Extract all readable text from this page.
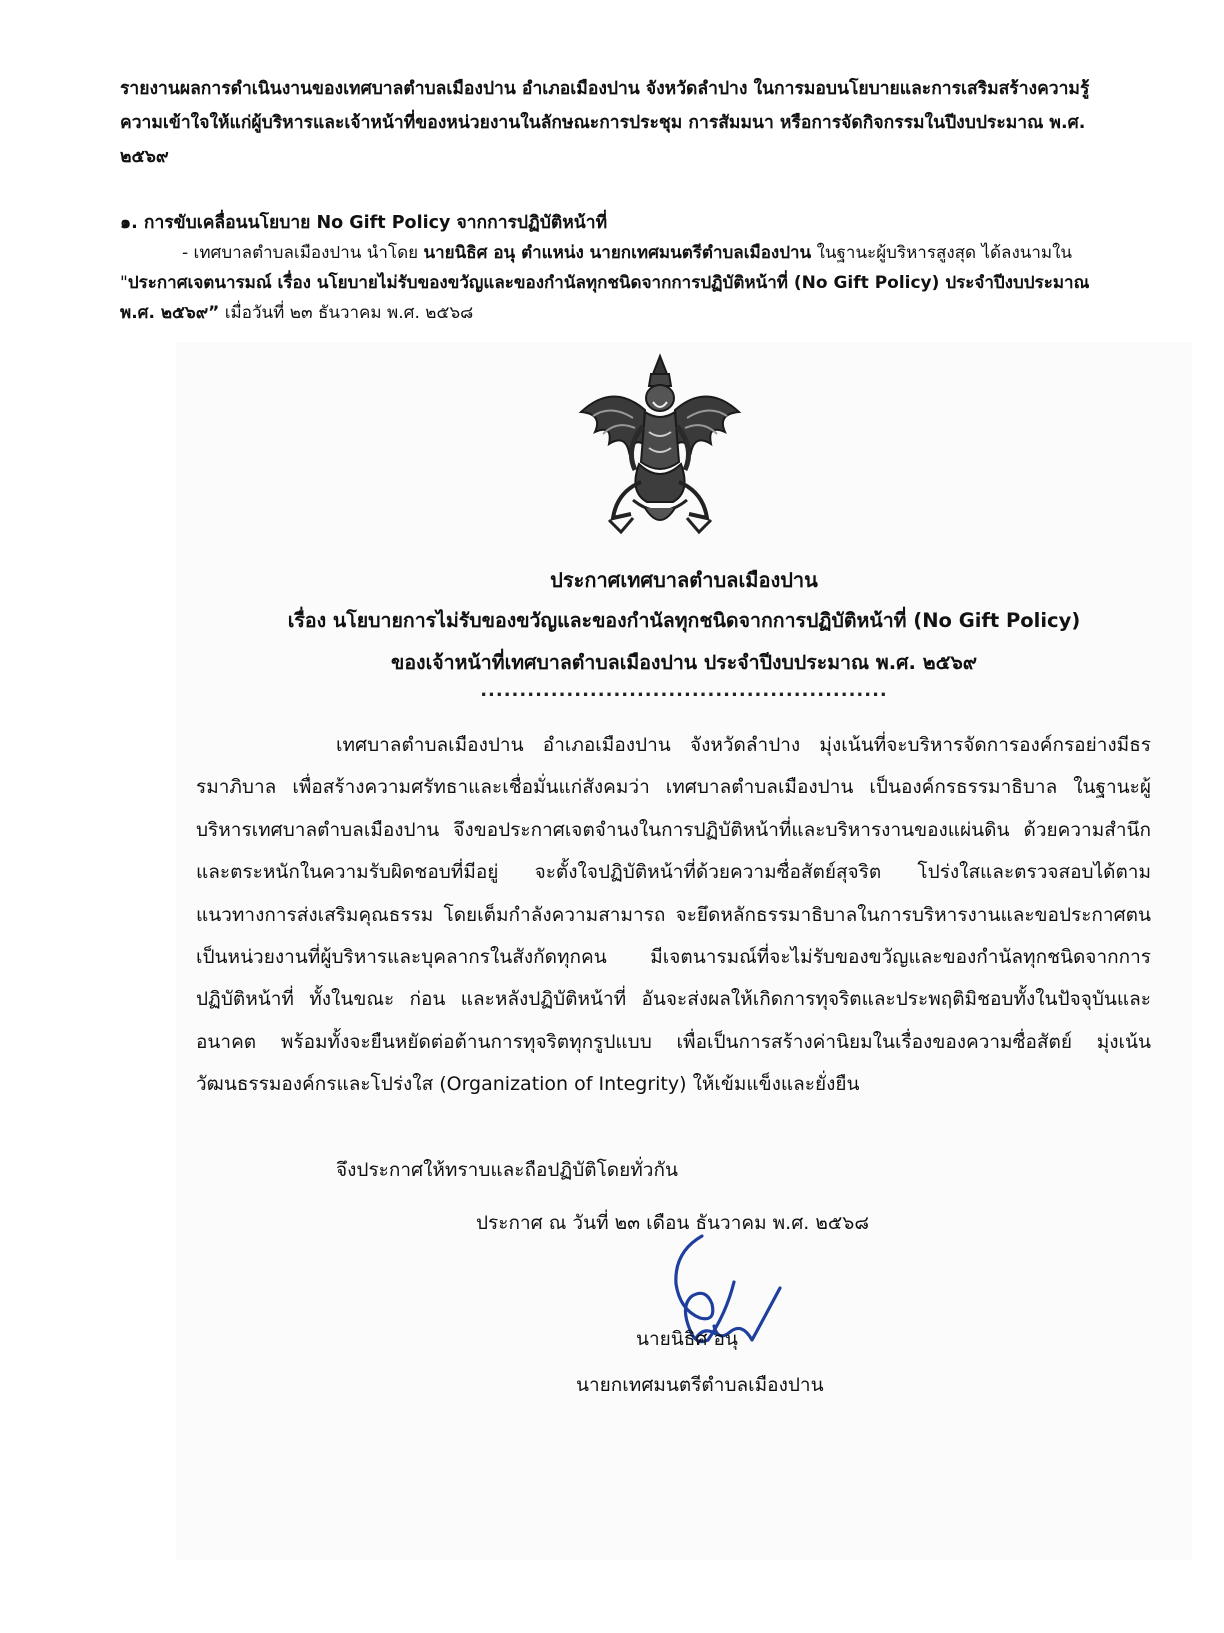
รายงานผลการดำเนินงานของเทศบาลตำบลเมืองปาน อำเภอเมืองปาน จังหวัดลำปาง ในการมอบนโยบายและการเสริมสร้างความรู้ความเข้าใจให้แก่ผู้บริหารและเจ้าหน้าที่ของหน่วยงานในลักษณะการประชุม การสัมมนา หรือการจัดกิจกรรมในปีงบประมาณ พ.ศ. ๒๕๖๙
๑. การขับเคลื่อนนโยบาย No Gift Policy จากการปฏิบัติหน้าที่
- เทศบาลตำบลเมืองปาน นำโดย นายนิธิศ อนุ ตำแหน่ง นายกเทศมนตรีตำบลเมืองปาน ในฐานะผู้บริหารสูงสุด ได้ลงนามใน "ประกาศเจตนารมณ์ เรื่อง นโยบายไม่รับของขวัญและของกำนัลทุกชนิดจากการปฏิบัติหน้าที่ (No Gift Policy) ประจำปีงบประมาณ พ.ศ. ๒๕๖๙” เมื่อวันที่ ๒๓ ธันวาคม พ.ศ. ๒๕๖๘
ประกาศเทศบาลตำบลเมืองปาน
เรื่อง นโยบายการไม่รับของขวัญและของกำนัลทุกชนิดจากการปฏิบัติหน้าที่ (No Gift Policy)
ของเจ้าหน้าที่เทศบาลตำบลเมืองปาน ประจำปีงบประมาณ พ.ศ. ๒๕๖๙
....................................................
เทศบาลตำบลเมืองปาน อำเภอเมืองปาน จังหวัดลำปาง มุ่งเน้นที่จะบริหารจัดการองค์กรอย่างมีธรรมาภิบาล เพื่อสร้างความศรัทธาและเชื่อมั่นแก่สังคมว่า เทศบาลตำบลเมืองปาน เป็นองค์กรธรรมาธิบาล ในฐานะผู้บริหารเทศบาลตำบลเมืองปาน จึงขอประกาศเจตจำนงในการปฏิบัติหน้าที่และบริหารงานของแผ่นดิน ด้วยความสำนึกและตระหนักในความรับผิดชอบที่มีอยู่ จะตั้งใจปฏิบัติหน้าที่ด้วยความซื่อสัตย์สุจริต โปร่งใสและตรวจสอบได้ตามแนวทางการส่งเสริมคุณธรรม โดยเต็มกำลังความสามารถ จะยึดหลักธรรมาธิบาลในการบริหารงานและขอประกาศตนเป็นหน่วยงานที่ผู้บริหารและบุคลากรในสังกัดทุกคน มีเจตนารมณ์ที่จะไม่รับของขวัญและของกำนัลทุกชนิดจากการปฏิบัติหน้าที่ ทั้งในขณะ ก่อน และหลังปฏิบัติหน้าที่ อันจะส่งผลให้เกิดการทุจริตและประพฤติมิชอบทั้งในปัจจุบันและอนาคต พร้อมทั้งจะยืนหยัดต่อต้านการทุจริตทุกรูปแบบ เพื่อเป็นการสร้างค่านิยมในเรื่องของความซื่อสัตย์ มุ่งเน้นวัฒนธรรมองค์กรและโปร่งใส (Organization of Integrity) ให้เข้มแข็งและยั่งยืน
จึงประกาศให้ทราบและถือปฏิบัติโดยทั่วกัน
ประกาศ ณ วันที่ ๒๓ เดือน ธันวาคม พ.ศ. ๒๕๖๘
นายนิธิศ อนุ
นายกเทศมนตรีตำบลเมืองปาน
